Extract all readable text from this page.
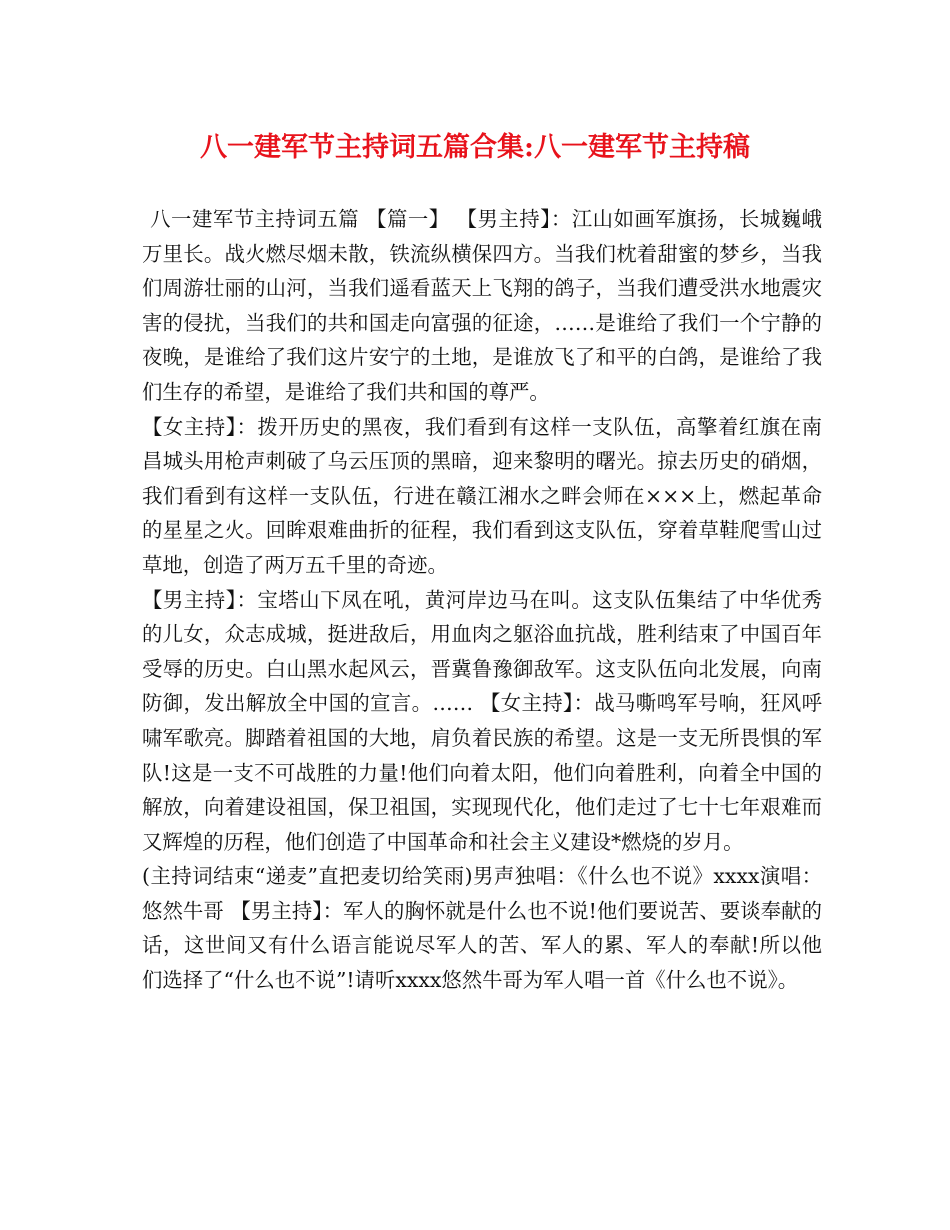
八一建军节主持词五篇合集:八一建军节主持稿

八一建军节主持词五篇 【篇一】 【男主持】：江山如画军旗扬，长城巍峨万里长。战火燃尽烟未散，铁流纵横保四方。当我们枕着甜蜜的梦乡，当我们周游壮丽的山河，当我们遥看蓝天上飞翔的鸽子，当我们遭受洪水地震灾害的侵扰，当我们的共和国走向富强的征途，……是谁给了我们一个宁静的夜晚，是谁给了我们这片安宁的土地，是谁放飞了和平的白鸽，是谁给了我们生存的希望，是谁给了我们共和国的尊严。

【女主持】：拨开历史的黑夜，我们看到有这样一支队伍，高擎着红旗在南昌城头用枪声刺破了乌云压顶的黑暗，迎来黎明的曙光。掠去历史的硝烟，我们看到有这样一支队伍，行进在赣江湘水之畔会师在×××上，燃起革命的星星之火。回眸艰难曲折的征程，我们看到这支队伍，穿着草鞋爬雪山过草地，创造了两万五千里的奇迹。

【男主持】：宝塔山下凤在吼，黄河岸边马在叫。这支队伍集结了中华优秀的儿女，众志成城，挺进敌后，用血肉之躯浴血抗战，胜利结束了中国百年受辱的历史。白山黑水起风云，晋冀鲁豫御敌军。这支队伍向北发展，向南防御，发出解放全中国的宣言。…… 【女主持】：战马嘶鸣军号响，狂风呼啸军歌亮。脚踏着祖国的大地，肩负着民族的希望。这是一支无所畏惧的军队!这是一支不可战胜的力量!他们向着太阳，他们向着胜利，向着全中国的解放，向着建设祖国，保卫祖国，实现现代化，他们走过了七十七年艰难而又辉煌的历程，他们创造了中国革命和社会主义建设*燃烧的岁月。

(主持词结束“递麦”直把麦切给笑雨)男声独唱：《什么也不说》xxxx演唱：悠然牛哥 【男主持】：军人的胸怀就是什么也不说!他们要说苦、要谈奉献的话，这世间又有什么语言能说尽军人的苦、军人的累、军人的奉献!所以他们选择了“什么也不说”!请听xxxx悠然牛哥为军人唱一首《什么也不说》。
